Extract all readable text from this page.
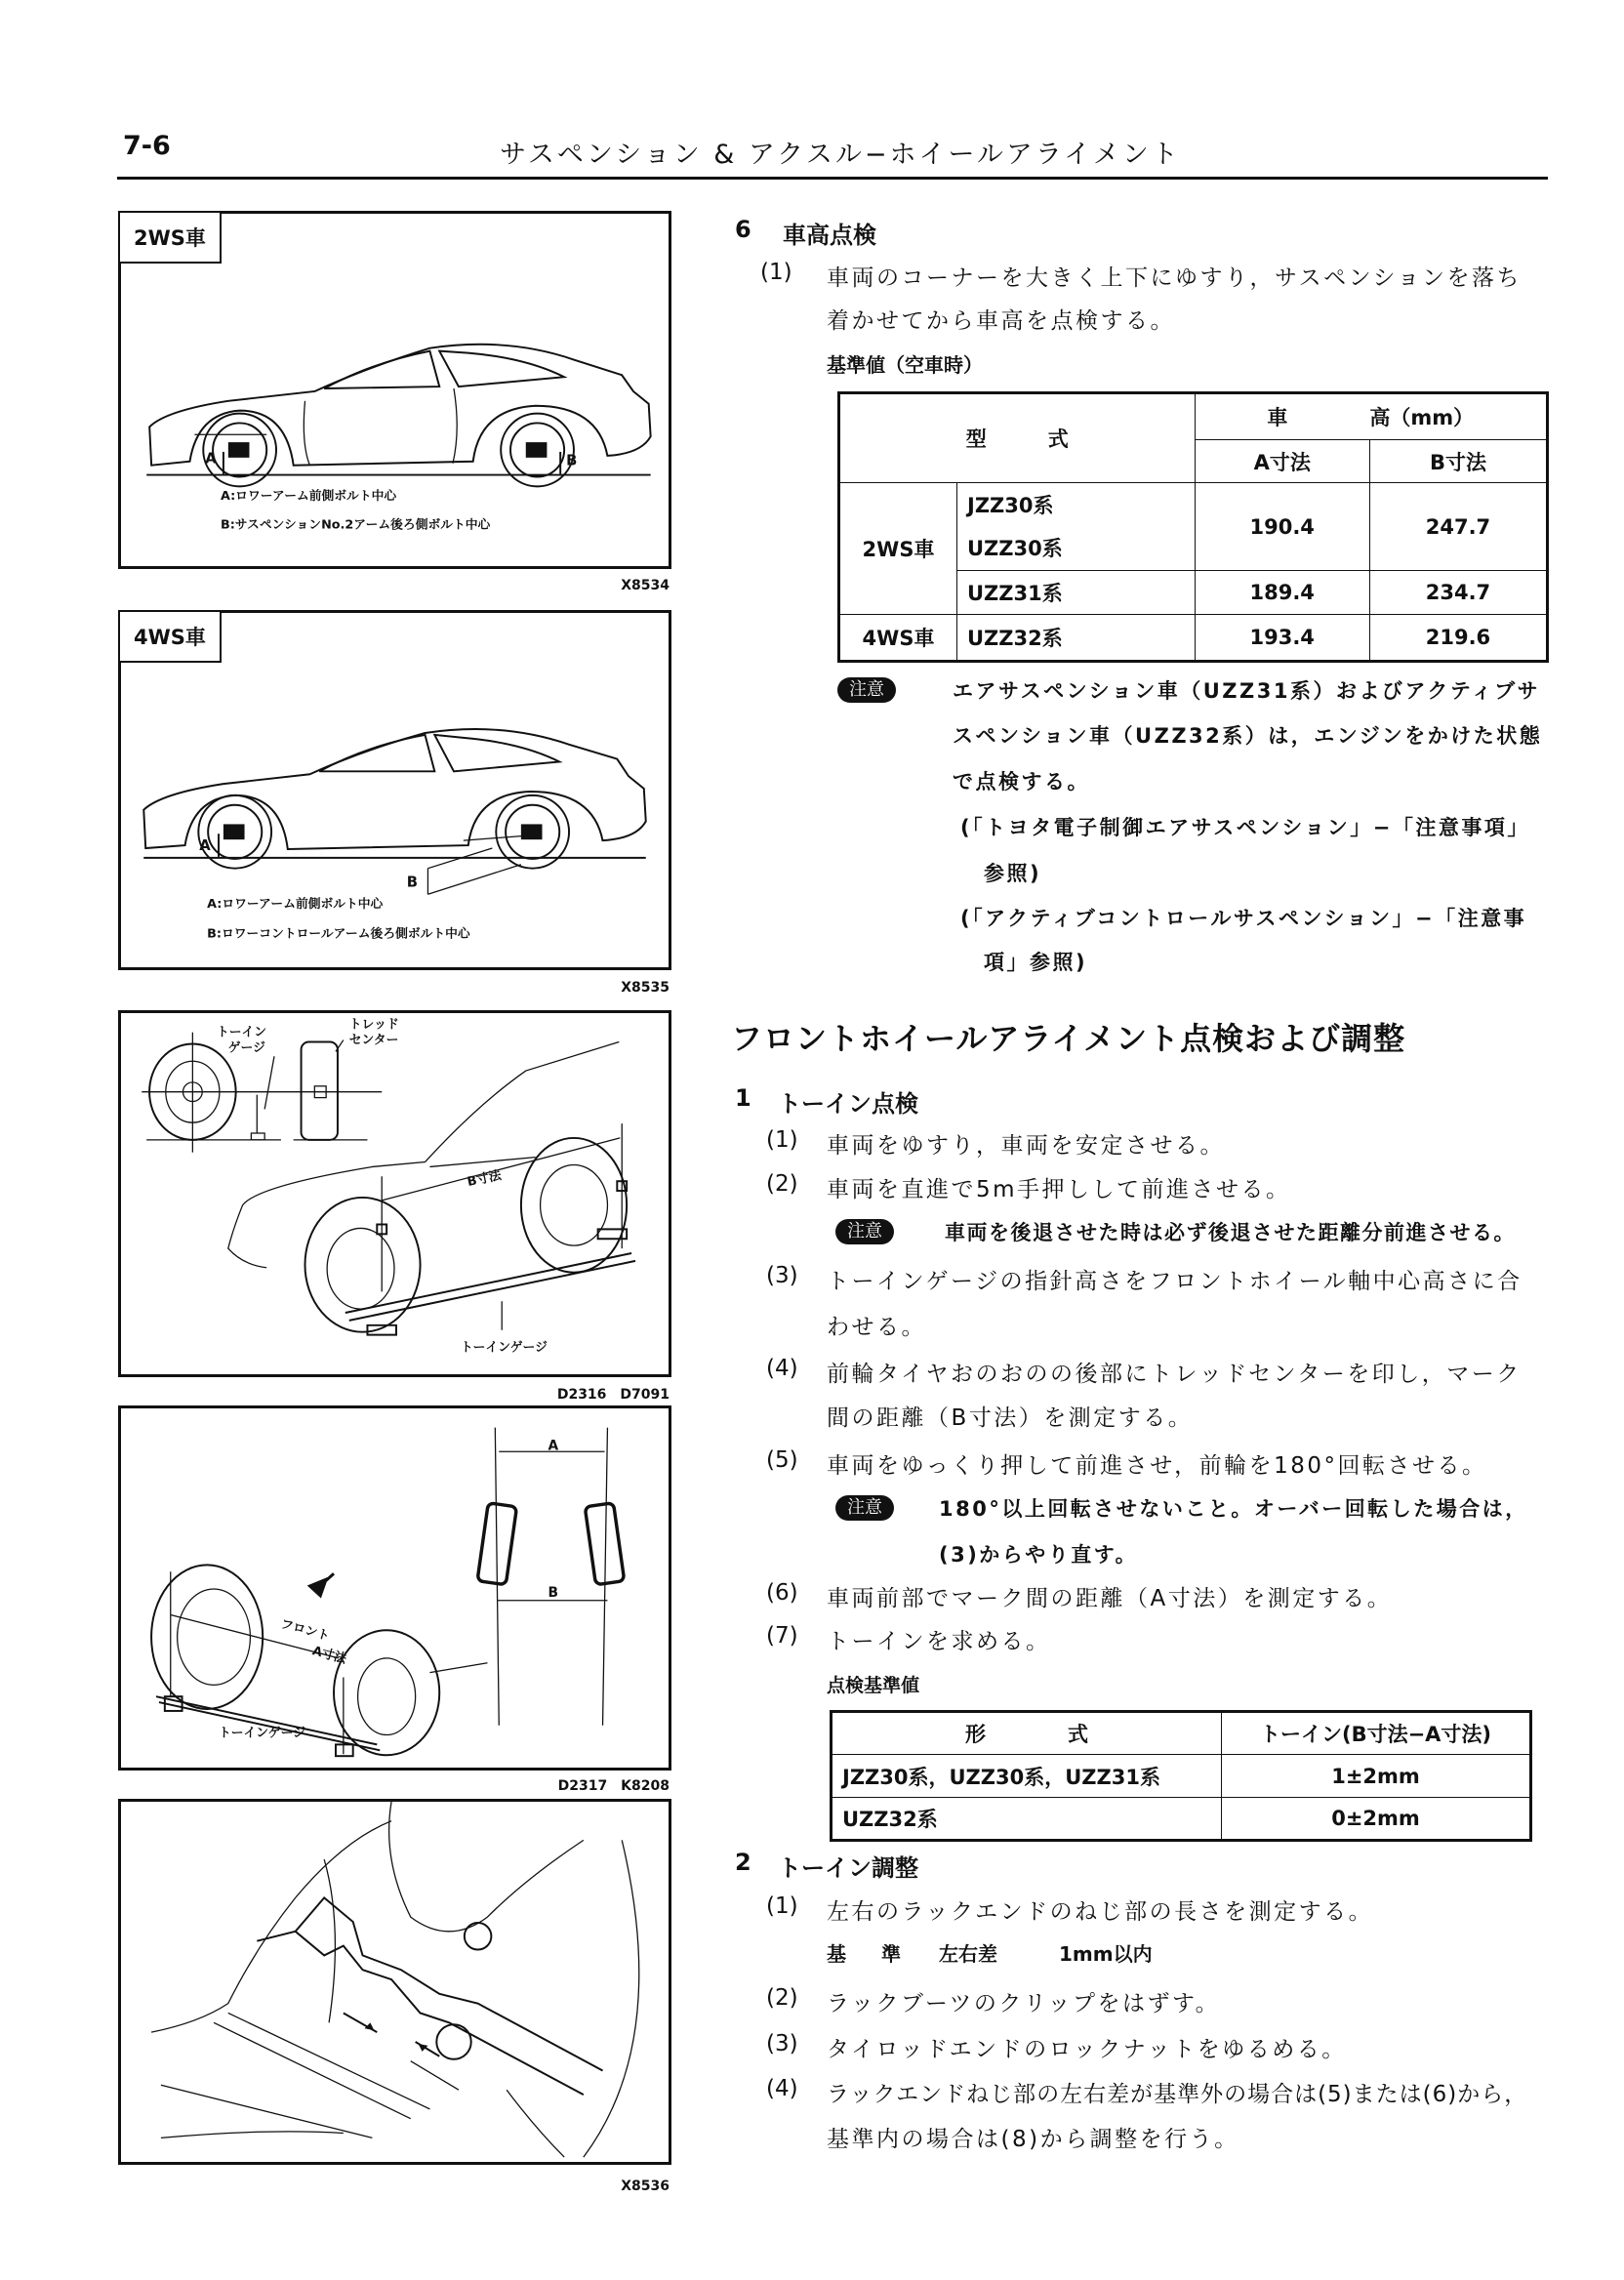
7-6	サスペンション & アクスル−ホイールアライメント
A	B
A:ロワーアーム前側ボルト中心
B:サスペンションNo.2アーム後ろ側ボルト中心
2WS車
X8534
A
B
A:ロワーアーム前側ボルト中心
B:ロワーコントロールアーム後ろ側ボルト中心
4WS車
X8535
トーイン
ゲージ
トレッド
センター
B寸法
トーインゲージ
D2316　D7091
A
B
フロント
A寸法
トーインゲージ
D2317　K8208
X8536
6 車高点検
(1) 車両のコーナーを大きく上下にゆすり，サスペンションを落ち
着かせてから車高を点検する。
基準値（空車時）
型　　　式		車　　　　高（mm）	
		A寸法	B寸法
2WS車	JZZ30系
UZZ30系	190.4	247.7
	UZZ31系	189.4	234.7
4WS車	UZZ32系	193.4	219.6
注意	エアサスペンション車（UZZ31系）およびアクティブサ
スペンション車（UZZ32系）は，エンジンをかけた状態
で点検する。
(「トヨタ電子制御エアサスペンション」−「注意事項」
参照)
(「アクティブコントロールサスペンション」−「注意事
項」参照)
フロントホイールアライメント点検および調整
1 トーイン点検
(1) 車両をゆすり，車両を安定させる。
(2) 車両を直進で5m手押しして前進させる。
注意	車両を後退させた時は必ず後退させた距離分前進させる。
(3) トーインゲージの指針高さをフロントホイール軸中心高さに合
わせる。
(4) 前輪タイヤおのおのの後部にトレッドセンターを印し，マーク
間の距離（B寸法）を測定する。
(5) 車両をゆっくり押して前進させ，前輪を180°回転させる。
注意	180°以上回転させないこと。オーバー回転した場合は，
(3)からやり直す。
(6) 車両前部でマーク間の距離（A寸法）を測定する。
(7) トーインを求める。
点検基準値
形　　　　式	トーイン(B寸法−A寸法)
JZZ30系，UZZ30系，UZZ31系	1±2mm
UZZ32系	0±2mm
2 トーイン調整
(1) 左右のラックエンドのねじ部の長さを測定する。
基　準 左右差	1mm以内
(2) ラックブーツのクリップをはずす。
(3) タイロッドエンドのロックナットをゆるめる。
(4) ラックエンドねじ部の左右差が基準外の場合は(5)または(6)から，
基準内の場合は(8)から調整を行う。
